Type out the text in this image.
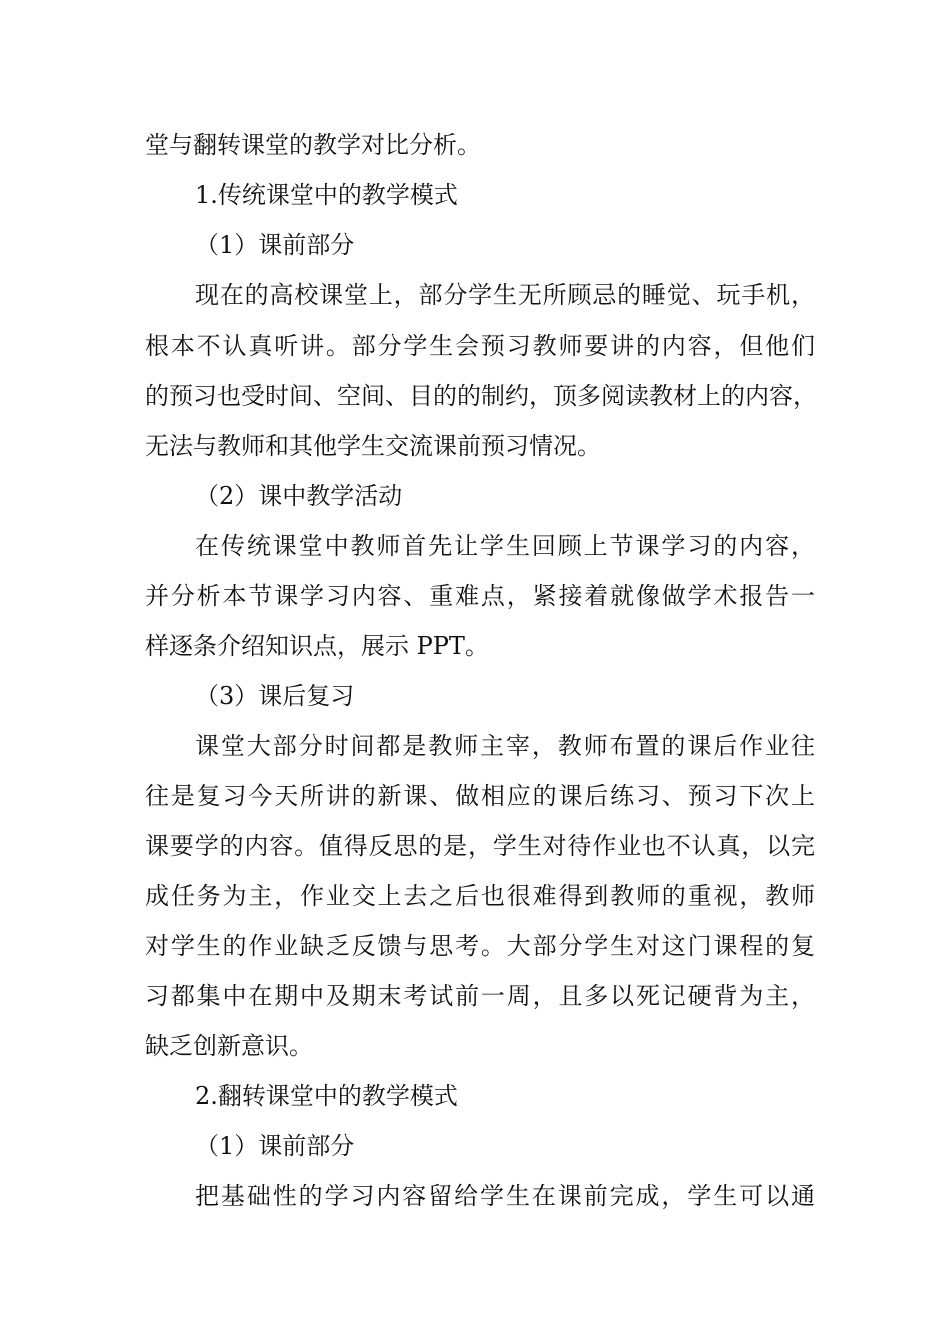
堂与翻转课堂的教学对比分析。
1.传统课堂中的教学模式
（1）课前部分
现在的高校课堂上，部分学生无所顾忌的睡觉、玩手机，
根本不认真听讲。部分学生会预习教师要讲的内容，但他们
的预习也受时间、空间、目的的制约，顶多阅读教材上的内容，
无法与教师和其他学生交流课前预习情况。
（2）课中教学活动
在传统课堂中教师首先让学生回顾上节课学习的内容，
并分析本节课学习内容、重难点，紧接着就像做学术报告一
样逐条介绍知识点，展示 PPT。
（3）课后复习
课堂大部分时间都是教师主宰，教师布置的课后作业往
往是复习今天所讲的新课、做相应的课后练习、预习下次上
课要学的内容。值得反思的是，学生对待作业也不认真，以完
成任务为主，作业交上去之后也很难得到教师的重视，教师
对学生的作业缺乏反馈与思考。大部分学生对这门课程的复
习都集中在期中及期末考试前一周，且多以死记硬背为主，
缺乏创新意识。
2.翻转课堂中的教学模式
（1）课前部分
把基础性的学习内容留给学生在课前完成，学生可以通
